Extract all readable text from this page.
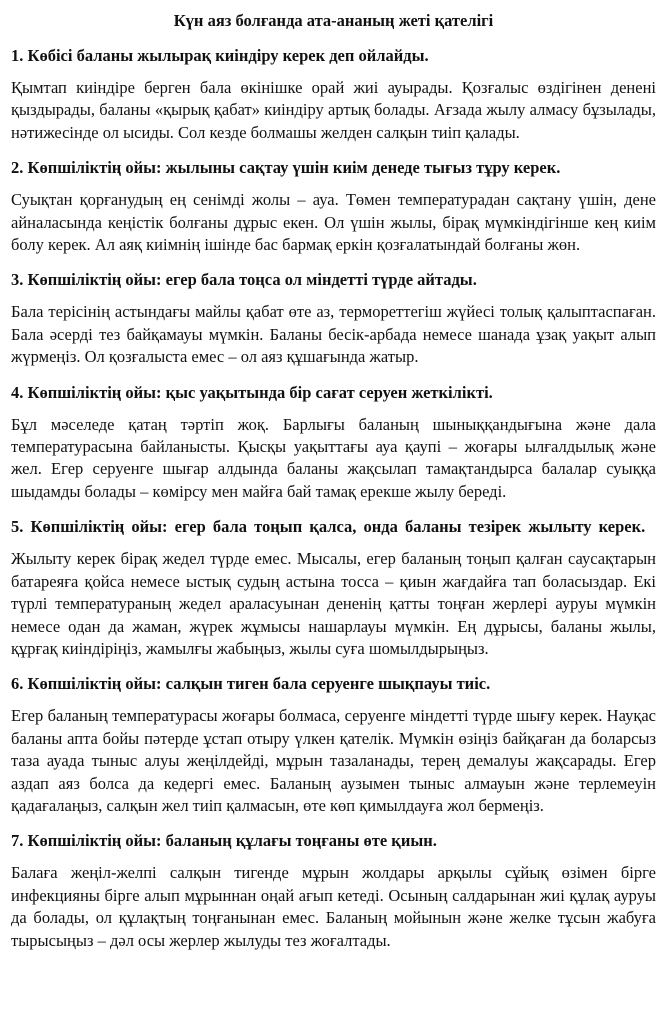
Күн аяз болғанда ата-ананың жеті қателігі
1. Көбісі баланы жылырақ киіндіру керек деп ойлайды.

Қымтап киіндіре берген бала өкінішке орай жиі ауырады. Қозғалыс өздігінен денені қыздырады, баланы «қырық қабат» киіндіру артық болады. Ағзада жылу алмасу бұзылады, нәтижесінде ол ысиды. Сол кезде болмашы желден салқын тиіп қалады.

2. Көпшіліктің ойы: жылыны сақтау үшін киім денеде тығыз тұру керек.

Суықтан қорғанудың ең сенімді жолы – ауа. Төмен температурадан сақтану үшін, дене айналасында кеңістік болғаны дұрыс екен. Ол үшін жылы, бірақ мүмкіндігінше кең киім болу керек. Ал аяқ киімнің ішінде бас бармақ еркін қозғалатындай болғаны жөн.

3. Көпшіліктің ойы: егер бала тоңса ол міндетті түрде айтады.

Бала терісінің астындағы майлы қабат өте аз, термореттегіш жүйесі толық қалыптаспаған. Бала әсерді тез байқамауы мүмкін. Баланы бесік-арбада немесе шанада ұзақ уақыт алып жүрмеңіз. Ол қозғалыста емес – ол аяз құшағында жатыр.

4. Көпшіліктің ойы: қыс уақытында бір сағат серуен жеткілікті.

Бұл мәселеде қатаң тәртіп жоқ. Барлығы баланың шыныққандығына және дала температурасына байланысты. Қысқы уақыттағы ауа қаупі – жоғары ылғалдылық және жел. Егер серуенге шығар алдында баланы жақсылап тамақтандырса балалар суыққа шыдамды болады – көмірсу мен майға бай тамақ ерекше жылу береді.

5. Көпшіліктің ойы: егер бала тоңып қалса, онда баланы тезірек жылыту керек.

Жылыту керек бірақ жедел түрде емес. Мысалы, егер баланың тоңып қалған саусақтарын батареяға қойса немесе ыстық судың астына тосса – қиын жағдайға тап боласыздар. Екі түрлі температураның жедел араласуынан дененің қатты тоңған жерлері ауруы мүмкін немесе одан да жаман, жүрек жұмысы нашарлауы мүмкін. Ең дұрысы, баланы жылы, құрғақ киіндіріңіз, жамылғы жабыңыз, жылы суға шомылдырыңыз.

6. Көпшіліктің ойы: салқын тиген бала серуенге шықпауы тиіс.

Егер баланың температурасы жоғары болмаса, серуенге міндетті түрде шығу керек. Науқас баланы апта бойы пәтерде ұстап отыру үлкен қателік. Мүмкін өзіңіз байқаған да боларсыз таза ауада тыныс алуы жеңілдейді, мұрын тазаланады, терең демалуы жақсарады. Егер аздап аяз болса да кедергі емес. Баланың аузымен тыныс алмауын және терлемеуін қадағалаңыз, салқын жел тиіп қалмасын, өте көп қимылдауға жол бермеңіз.

7. Көпшіліктің ойы: баланың құлағы тоңғаны өте қиын.

Балаға жеңіл-желпі салқын тигенде мұрын жолдары арқылы сұйық өзімен бірге инфекцияны бірге алып мұрыннан оңай ағып кетеді. Осының салдарынан жиі құлақ ауруы да болады, ол құлақтың тоңғанынан емес. Баланың мойынын және желке тұсын жабуға тырысыңыз – дәл осы жерлер жылуды тез жоғалтады.
